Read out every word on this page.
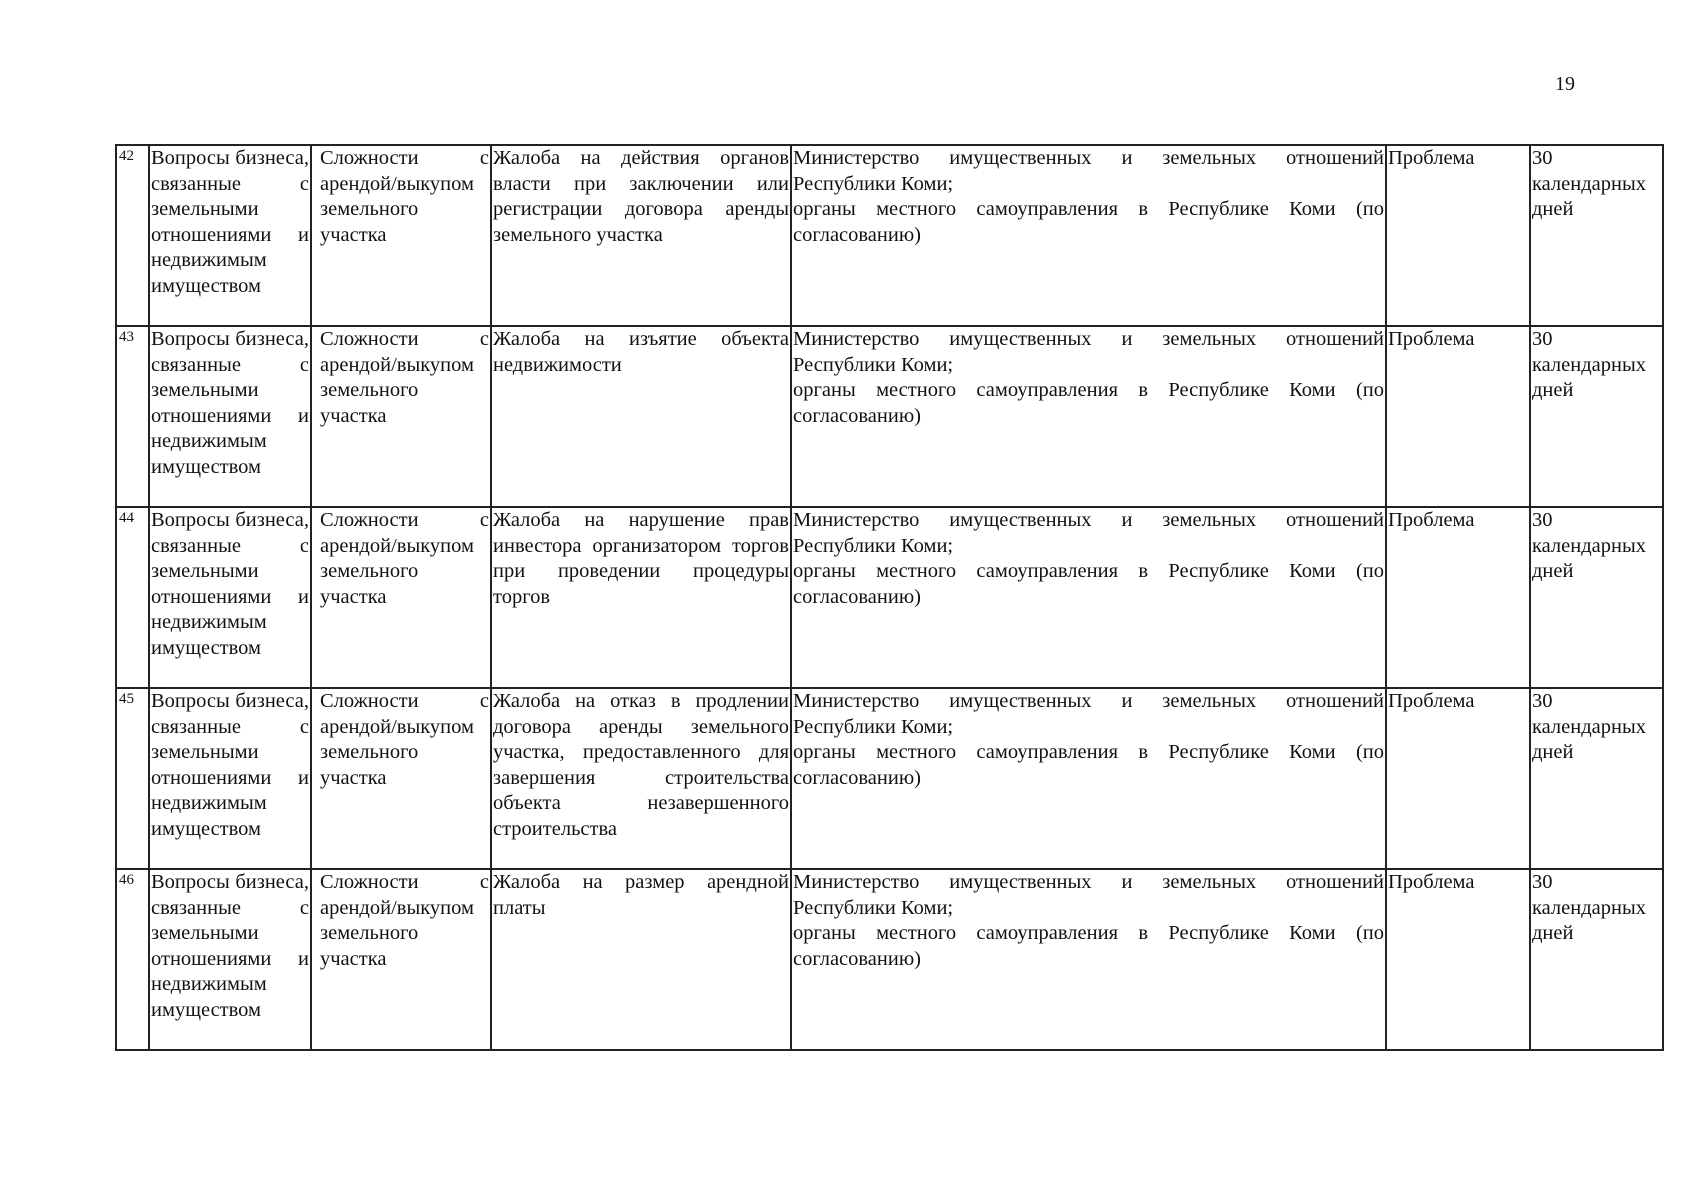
19
42	Вопросы бизнеса, связанные с земельными отношениями и недвижимым имуществом	Сложности с арендой/выкупом земельного участка	Жалоба на действия органов власти при заключении или регистрации договора аренды земельного участка	Министерство имущественных и земельных отношений Республики Коми;
органы местного самоуправления в Республике Коми (по согласованию)	Проблема	30 календарных дней
43	Вопросы бизнеса, связанные с земельными отношениями и недвижимым имуществом	Сложности с арендой/выкупом земельного участка	Жалоба на изъятие объекта недвижимости	Министерство имущественных и земельных отношений Республики Коми;
органы местного самоуправления в Республике Коми (по согласованию)	Проблема	30 календарных дней
44	Вопросы бизнеса, связанные с земельными отношениями и недвижимым имуществом	Сложности с арендой/выкупом земельного участка	Жалоба на нарушение прав инвестора организатором торгов при проведении процедуры торгов	Министерство имущественных и земельных отношений Республики Коми;
органы местного самоуправления в Республике Коми (по согласованию)	Проблема	30 календарных дней
45	Вопросы бизнеса, связанные с земельными отношениями и недвижимым имуществом	Сложности с арендой/выкупом земельного участка	Жалоба на отказ в продлении договора аренды земельного участка, предоставленного для завершения строительства объекта незавершенного строительства	Министерство имущественных и земельных отношений Республики Коми;
органы местного самоуправления в Республике Коми (по согласованию)	Проблема	30 календарных дней
46	Вопросы бизнеса, связанные с земельными отношениями и недвижимым имуществом	Сложности с арендой/выкупом земельного участка	Жалоба на размер арендной платы	Министерство имущественных и земельных отношений Республики Коми;
органы местного самоуправления в Республике Коми (по согласованию)	Проблема	30 календарных дней
